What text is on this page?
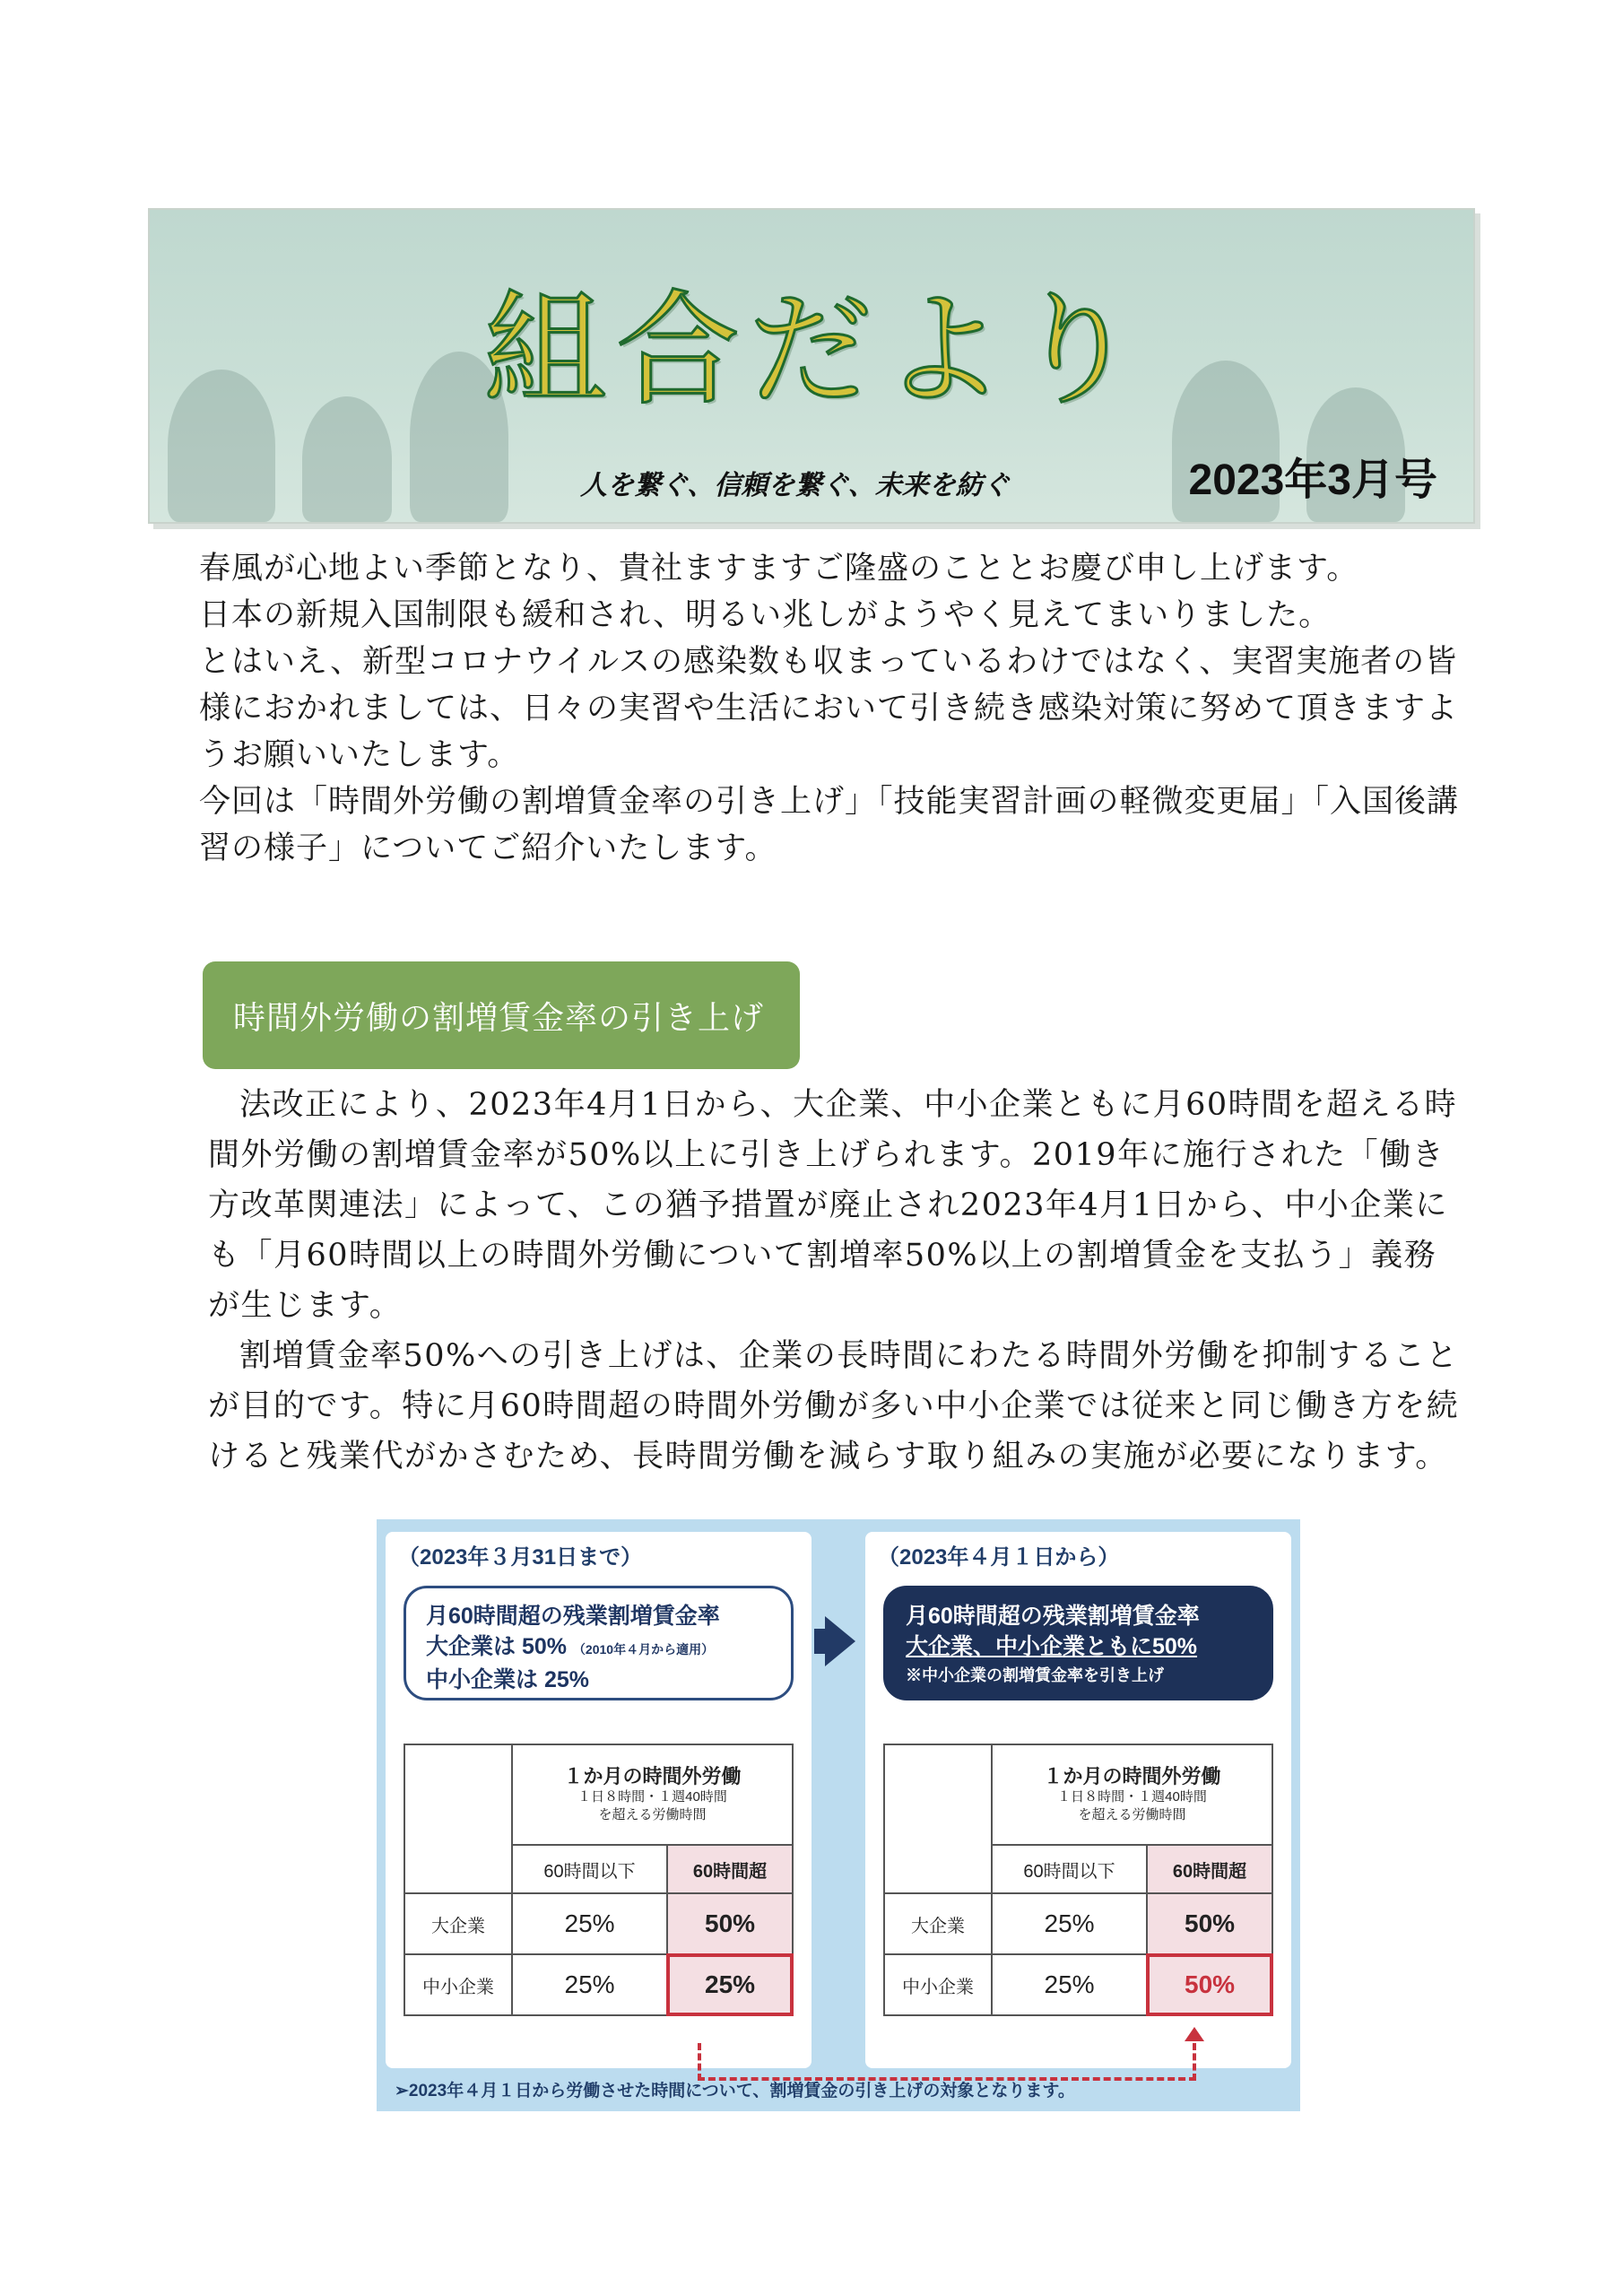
組合だより
人を繋ぐ、信頼を繋ぐ、未来を紡ぐ	2023年3月号

春風が心地よい季節となり、貴社ますますご隆盛のこととお慶び申し上げます。

日本の新規入国制限も緩和され、明るい兆しがようやく見えてまいりました。

とはいえ、新型コロナウイルスの感染数も収まっているわけではなく、実習実施者の皆様におかれましては、日々の実習や生活において引き続き感染対策に努めて頂きますようお願いいたします。

今回は「時間外労働の割増賃金率の引き上げ」「技能実習計画の軽微変更届」「入国後講習の様子」についてご紹介いたします。

時間外労働の割増賃金率の引き上げ

法改正により、2023年4月1日から、大企業、中小企業ともに月60時間を超える時間外労働の割増賃金率が50%以上に引き上げられます。2019年に施行された「働き方改革関連法」によって、この猶予措置が廃止され2023年4月1日から、中小企業にも「月60時間以上の時間外労働について割増率50%以上の割増賃金を支払う」義務が生じます。

割増賃金率50%への引き上げは、企業の長時間にわたる時間外労働を抑制することが目的です。特に月60時間超の時間外労働が多い中小企業では従来と同じ働き方を続けると残業代がかさむため、長時間労働を減らす取り組みの実施が必要になります。

（2023年３月31日まで）
月60時間超の残業割増賃金率
大企業は 50% （2010年４月から適用）
中小企業は 25%
	１か月の時間外労働
１日８時間・１週40時間
を超える労働時間	

	60時間以下	60時間超
大企業	25%	50%
中小企業	25%	25%
（2023年４月１日から）
月60時間超の残業割増賃金率
大企業、中小企業ともに50%
※中小企業の割増賃金率を引き上げ
	１か月の時間外労働
１日８時間・１週40時間
を超える労働時間	

	60時間以下	60時間超
大企業	25%	50%
中小企業	25%	50%
➢2023年４月１日から労働させた時間について、割増賃金の引き上げの対象となります。
